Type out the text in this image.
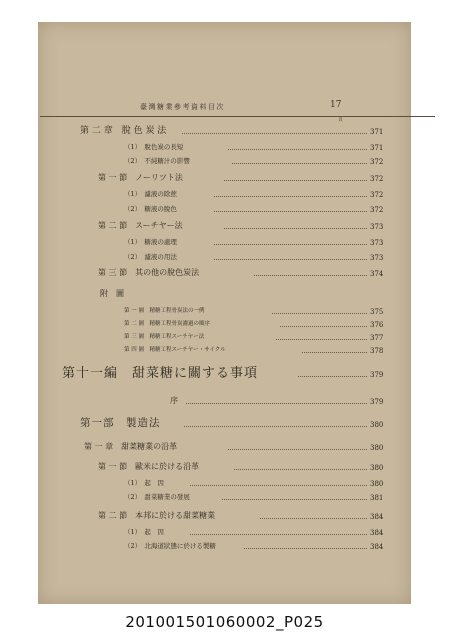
臺灣糖業參考資料目次	17
頁
第 二 章　脫 色 炭 法	371
（1）　脫色炭の長短	371
（2）　不純糖汁の影響	372
第 一 節　ノーリツト法	372
（1）　濾液の除蔗	372
（2）　糖液の脫色	372
第 二 節　スーチヤー法	373
（1）　糖液の處理	373
（2）　濾液の用法	373
第 三 節　其の他の脫色炭法	374
附　圖
第 一 圖　精糖工程骨炭法の一例	375
第 二 圖　精糖工程骨炭濾過の順序	376
第 三 圖　精糖工程スーチヤー法	377
第 四 圖　精糖工程スーチヤー・サイクル	378
第十一編　甜菜糖に關する事項	379
序	379
第一部　製造法	380
第 一 章　甜菜糖業の沿革	380
第 一 節　歐米に於ける沿革	380
（1）　起　因	380
（2）　甜菜糖業の發展	381
第 二 節　本邦に於ける甜菜糖業	384
（1）　起　因	384
（2）　北海道狀態に於ける製糖	384
201001501060002_P025
